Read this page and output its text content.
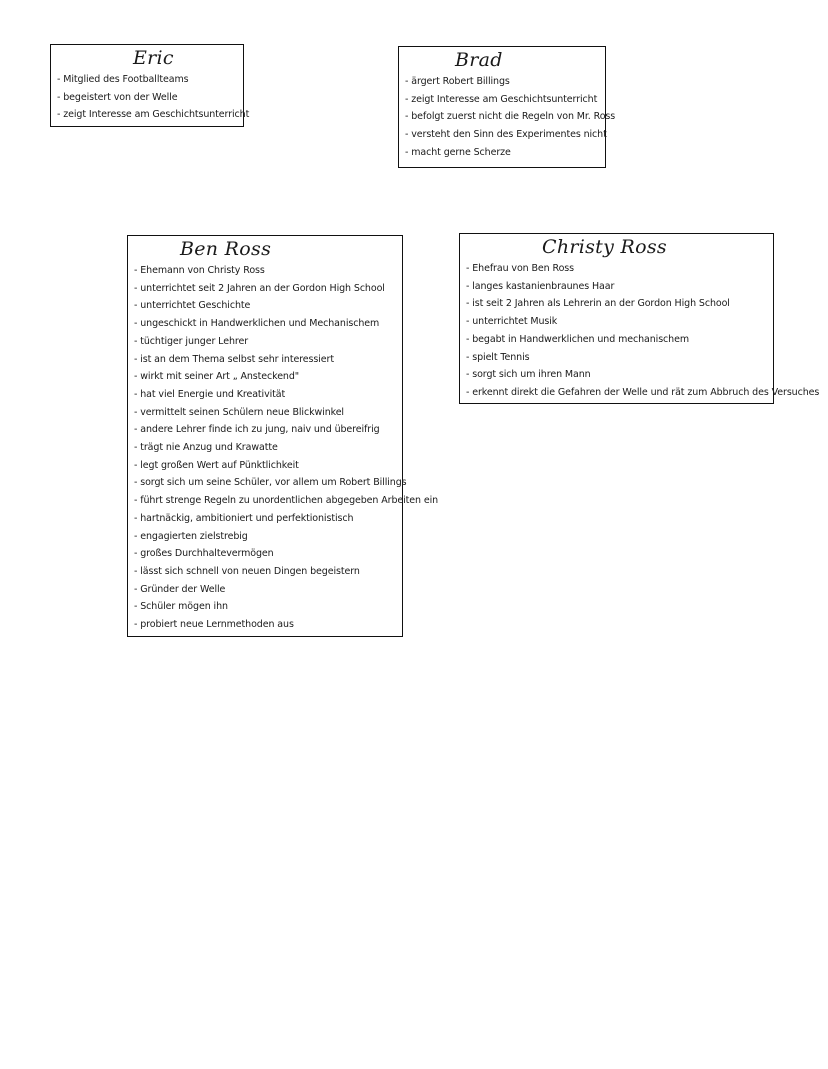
Eric
- Mitglied des Footballteams
- begeistert von der Welle
- zeigt Interesse am Geschichtsunterricht
Brad
- ärgert Robert Billings
- zeigt Interesse am Geschichtsunterricht
- befolgt zuerst nicht die Regeln von Mr. Ross
- versteht den Sinn des Experimentes nicht
- macht gerne Scherze
Ben Ross
- Ehemann von Christy Ross
- unterrichtet seit 2 Jahren an der Gordon High School
- unterrichtet Geschichte
- ungeschickt in Handwerklichen und Mechanischem
- tüchtiger junger Lehrer
- ist an dem Thema selbst sehr interessiert
- wirkt mit seiner Art „ Ansteckend"
- hat viel Energie und Kreativität
- vermittelt seinen Schülern neue Blickwinkel
- andere Lehrer finde ich zu jung, naiv und übereifrig
- trägt nie Anzug und Krawatte
- legt großen Wert auf Pünktlichkeit
- sorgt sich um seine Schüler, vor allem um Robert Billings
- führt strenge Regeln zu unordentlichen abgegeben Arbeiten ein
- hartnäckig, ambitioniert und perfektionistisch
- engagierten zielstrebig
- großes Durchhaltevermögen
- lässt sich schnell von neuen Dingen begeistern
- Gründer der Welle
- Schüler mögen ihn
- probiert neue Lernmethoden aus
Christy Ross
- Ehefrau von Ben Ross
- langes kastanienbraunes Haar
- ist seit 2 Jahren als Lehrerin an der Gordon High School
- unterrichtet Musik
- begabt in Handwerklichen und mechanischem
- spielt Tennis
- sorgt sich um ihren Mann
- erkennt direkt die Gefahren der Welle und rät zum Abbruch des Versuches
